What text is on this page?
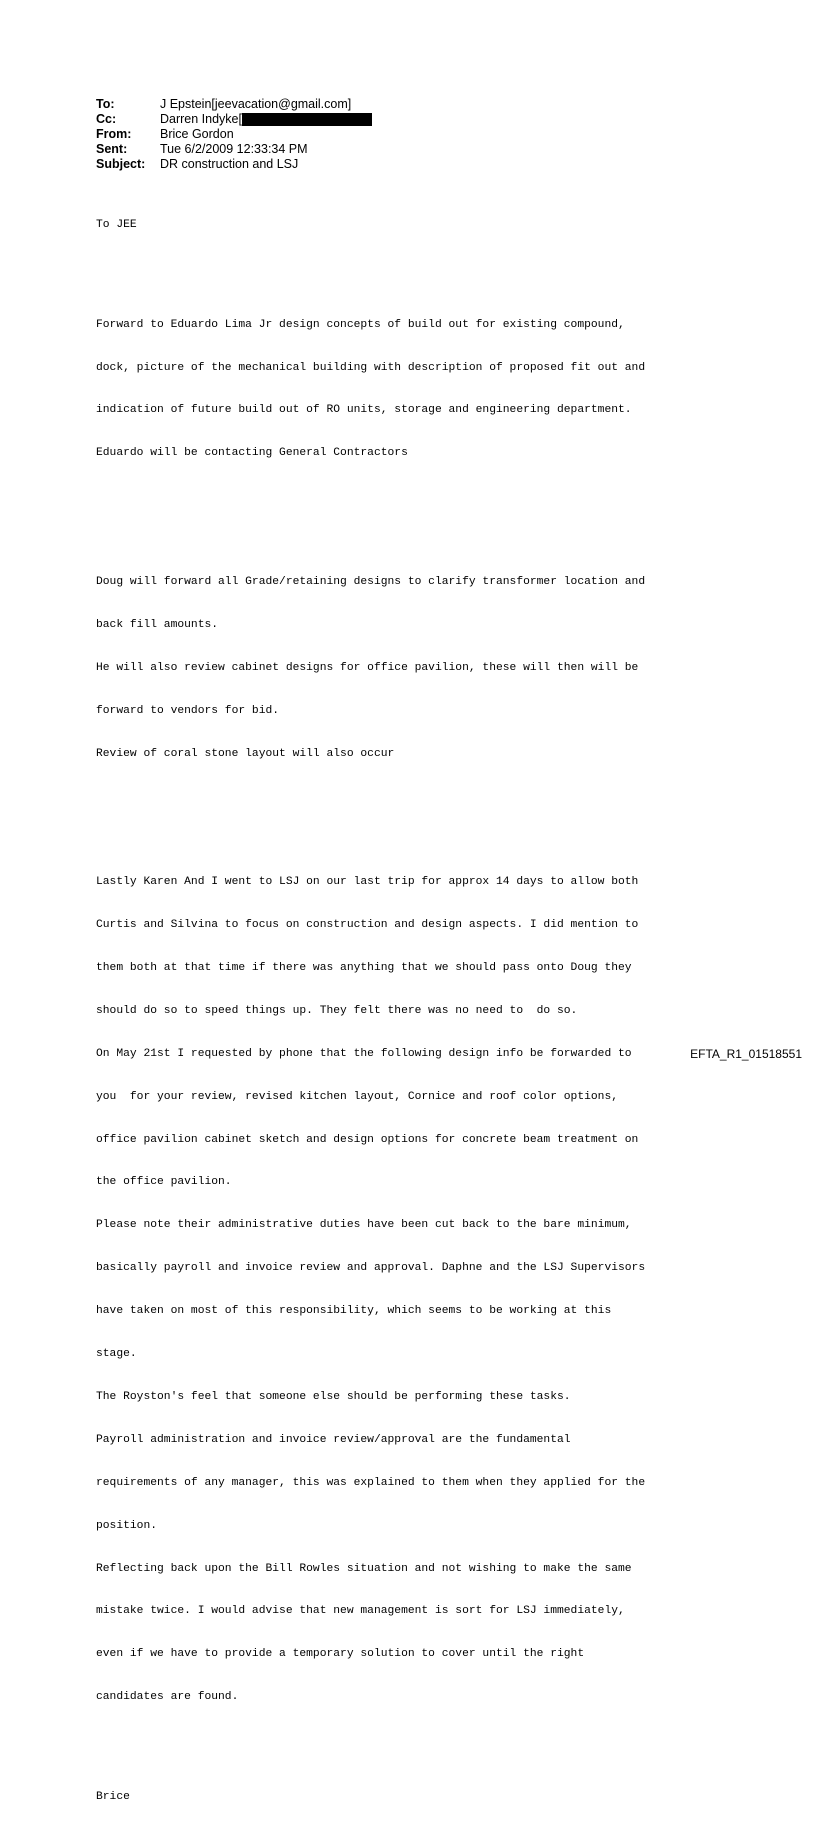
To:	J Epstein[jeevacation@gmail.com]
Cc:	Darren Indyke[
From:	Brice Gordon
Sent:	Tue 6/2/2009 12:33:34 PM
Subject:	DR construction and LSJ

To JEE

Forward to Eduardo Lima Jr design concepts of build out for existing compound,

dock, picture of the mechanical building with description of proposed fit out and

indication of future build out of RO units, storage and engineering department.

Eduardo will be contacting General Contractors

Doug will forward all Grade/retaining designs to clarify transformer location and

back fill amounts.

He will also review cabinet designs for office pavilion, these will then will be

forward to vendors for bid.

Review of coral stone layout will also occur

Lastly Karen And I went to LSJ on our last trip for approx 14 days to allow both

Curtis and Silvina to focus on construction and design aspects. I did mention to

them both at that time if there was anything that we should pass onto Doug they

should do so to speed things up. They felt there was no need to  do so.

On May 21st I requested by phone that the following design info be forwarded to

you  for your review, revised kitchen layout, Cornice and roof color options,

office pavilion cabinet sketch and design options for concrete beam treatment on

the office pavilion.

Please note their administrative duties have been cut back to the bare minimum,

basically payroll and invoice review and approval. Daphne and the LSJ Supervisors

have taken on most of this responsibility, which seems to be working at this

stage.

The Royston's feel that someone else should be performing these tasks.

Payroll administration and invoice review/approval are the fundamental

requirements of any manager, this was explained to them when they applied for the

position.

Reflecting back upon the Bill Rowles situation and not wishing to make the same

mistake twice. I would advise that new management is sort for LSJ immediately,

even if we have to provide a temporary solution to cover until the right

candidates are found.

Brice

EFTA_R1_01518551
